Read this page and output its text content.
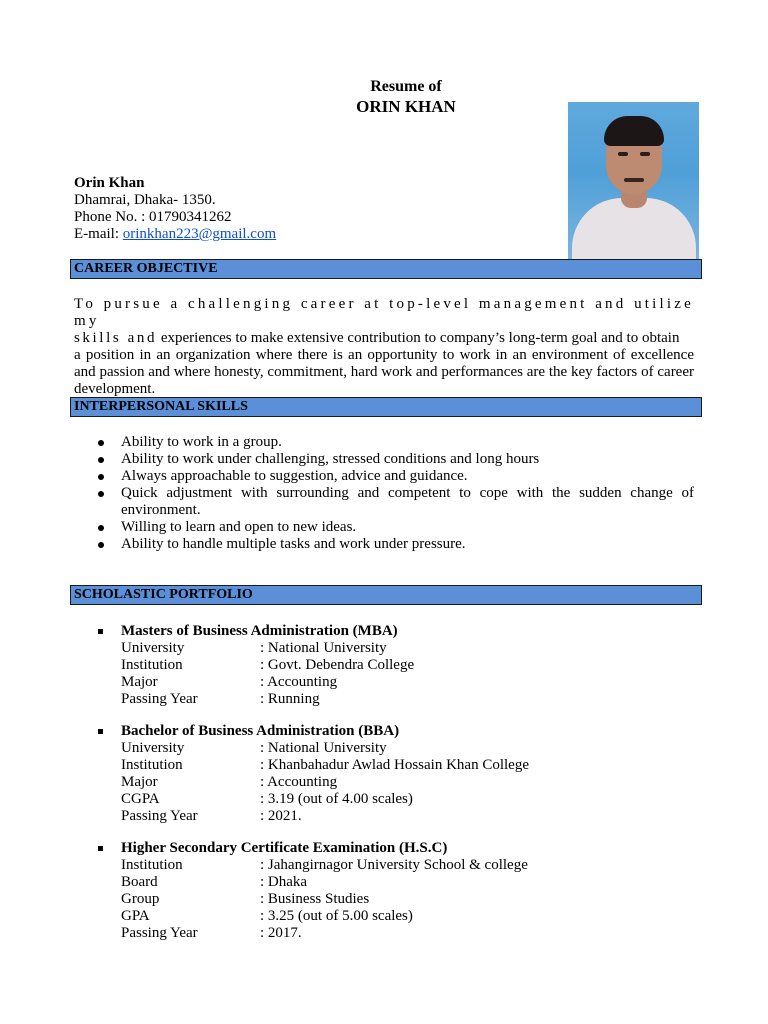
Resume of
ORIN KHAN
Orin Khan
Dhamrai, Dhaka- 1350.
Phone No. : 01790341262
E-mail: orinkhan223@gmail.com
CAREER OBJECTIVE
To pursue a challenging career at top-level management and utilize my
skills and experiences to make extensive contribution to company’s long-term goal and to obtain
a position in an organization where there is an opportunity to work in an environment of excellence and passion and where honesty, commitment, hard work and performances are the key factors of career development.
INTERPERSONAL SKILLS
Ability to work in a group.
Ability to work under challenging, stressed conditions and long hours
Always approachable to suggestion, advice and guidance.
Quick adjustment with surrounding and competent to cope with the sudden change of environment.
Willing to learn and open to new ideas.
Ability to handle multiple tasks and work under pressure.
SCHOLASTIC PORTFOLIO
Masters of Business Administration (MBA)
University	: National University
Institution	: Govt. Debendra College
Major	: Accounting
Passing Year	: Running
Bachelor of Business Administration (BBA)
University	: National University
Institution	: Khanbahadur Awlad Hossain Khan College
Major	: Accounting
CGPA	: 3.19 (out of 4.00 scales)
Passing Year	: 2021.
Higher Secondary Certificate Examination (H.S.C)
Institution	: Jahangirnagor University School & college
Board	: Dhaka
Group	: Business Studies
GPA	: 3.25 (out of 5.00 scales)
Passing Year	: 2017.
